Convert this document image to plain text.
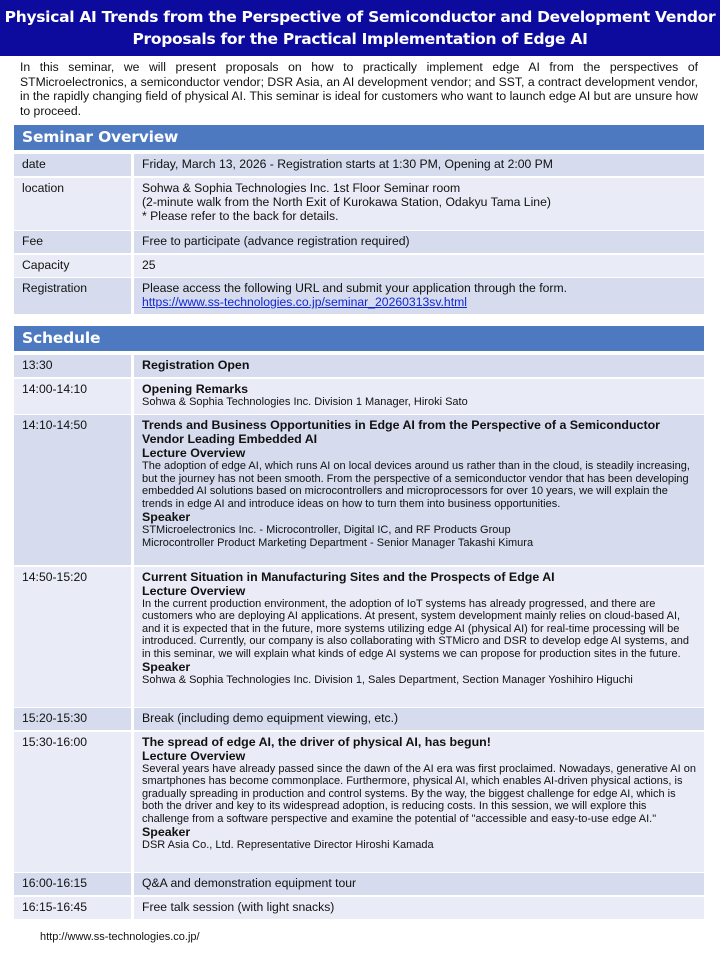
Physical AI Trends from the Perspective of Semiconductor and Development Vendor
Proposals for the Practical Implementation of Edge AI
In this seminar, we will present proposals on how to practically implement edge AI from the perspectives of STMicroelectronics, a semiconductor vendor; DSR Asia, an AI development vendor; and SST, a contract development vendor, in the rapidly changing field of physical AI. This seminar is ideal for customers who want to launch edge AI but are unsure how to proceed.
Seminar Overview
date	Friday, March 13, 2026 - Registration starts at 1:30 PM, Opening at 2:00 PM
location	Sohwa & Sophia Technologies Inc. 1st Floor Seminar room
(2-minute walk from the North Exit of Kurokawa Station, Odakyu Tama Line)
* Please refer to the back for details.
Fee	Free to participate (advance registration required)
Capacity	25
Registration	Please access the following URL and submit your application through the form.
https://www.ss-technologies.co.jp/seminar_20260313sv.html
Schedule
13:30	Registration Open
14:00-14:10	Opening Remarks
Sohwa & Sophia Technologies Inc. Division 1 Manager, Hiroki Sato
14:10-14:50	Trends and Business Opportunities in Edge AI from the Perspective of a Semiconductor Vendor Leading Embedded AI
Lecture Overview
The adoption of edge AI, which runs AI on local devices around us rather than in the cloud, is steadily increasing, but the journey has not been smooth. From the perspective of a semiconductor vendor that has been developing embedded AI solutions based on microcontrollers and microprocessors for over 10 years, we will explain the trends in edge AI and introduce ideas on how to turn them into business opportunities.
Speaker
STMicroelectronics Inc. - Microcontroller, Digital IC, and RF Products Group
Microcontroller Product Marketing Department - Senior Manager Takashi Kimura
14:50-15:20	Current Situation in Manufacturing Sites and the Prospects of Edge AI
Lecture Overview
In the current production environment, the adoption of IoT systems has already progressed, and there are customers who are deploying AI applications. At present, system development mainly relies on cloud-based AI, and it is expected that in the future, more systems utilizing edge AI (physical AI) for real-time processing will be introduced. Currently, our company is also collaborating with STMicro and DSR to develop edge AI systems, and in this seminar, we will explain what kinds of edge AI systems we can propose for production sites in the future.
Speaker
Sohwa & Sophia Technologies Inc. Division 1, Sales Department, Section Manager Yoshihiro Higuchi
15:20-15:30	Break (including demo equipment viewing, etc.)
15:30-16:00	The spread of edge AI, the driver of physical AI, has begun!
Lecture Overview
Several years have already passed since the dawn of the AI era was first proclaimed. Nowadays, generative AI on smartphones has become commonplace. Furthermore, physical AI, which enables AI-driven physical actions, is gradually spreading in production and control systems. By the way, the biggest challenge for edge AI, which is both the driver and key to its widespread adoption, is reducing costs. In this session, we will explore this challenge from a software perspective and examine the potential of "accessible and easy-to-use edge AI."
Speaker
DSR Asia Co., Ltd. Representative Director Hiroshi Kamada
16:00-16:15	Q&A and demonstration equipment tour
16:15-16:45	Free talk session (with light snacks)
http://www.ss-technologies.co.jp/
